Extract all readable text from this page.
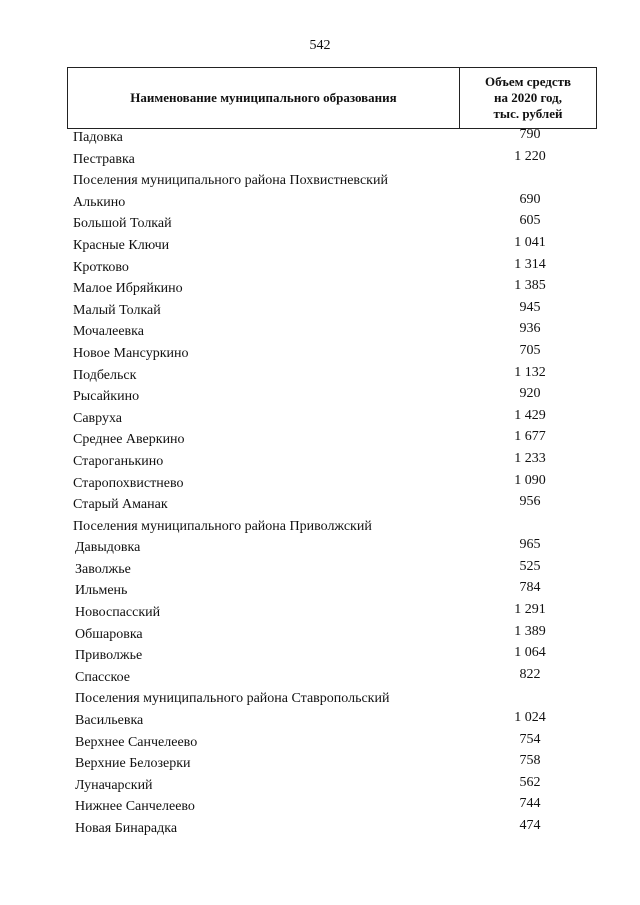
542
Наименование муниципального образования
Объем средств
на 2020 год,
тыс. рублей
Падовка	790
Пестравка	1 220
Поселения муниципального района Похвистневский
Алькино	690
Большой Толкай	605
Красные Ключи	1 041
Кротково	1 314
Малое Ибряйкино	1 385
Малый Толкай	945
Мочалеевка	936
Новое Мансуркино	705
Подбельск	1 132
Рысайкино	920
Савруха	1 429
Среднее Аверкино	1 677
Староганькино	1 233
Старопохвистнево	1 090
Старый Аманак	956
Поселения муниципального района Приволжский
Давыдовка	965
Заволжье	525
Ильмень	784
Новоспасский	1 291
Обшаровка	1 389
Приволжье	1 064
Спасское	822
Поселения муниципального района Ставропольский
Васильевка	1 024
Верхнее Санчелеево	754
Верхние Белозерки	758
Луначарский	562
Нижнее Санчелеево	744
Новая Бинарадка	474
